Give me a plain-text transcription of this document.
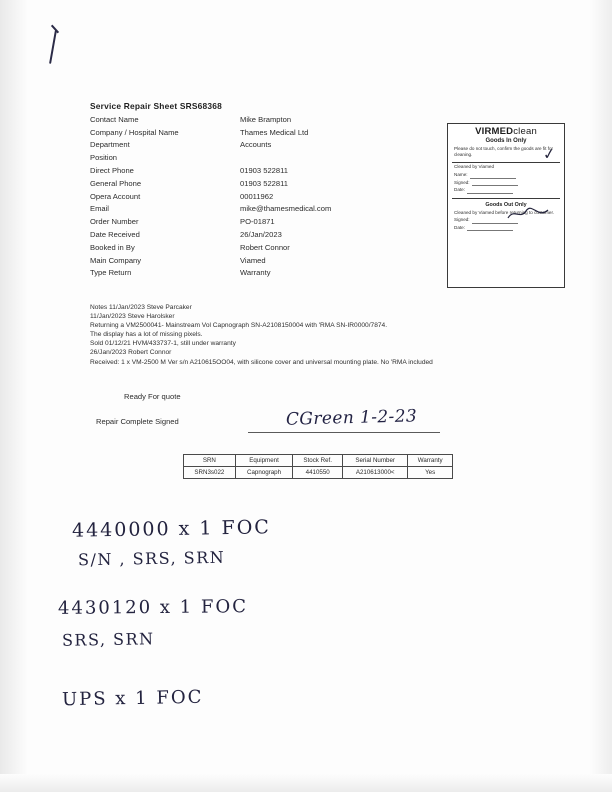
Service Repair Sheet SRS68368
Contact Name	Mike Brampton
Company / Hospital Name	Thames Medical Ltd
Department	Accounts
Position
Direct Phone	01903 522811
General Phone	01903 522811
Opera Account	00011962
Email	mike@thamesmedical.com
Order Number	PO-01871
Date Received	26/Jan/2023
Booked in By	Robert Connor
Main Company	Viamed
Type Return	Warranty
VIRMEDclean
Goods In Only
Please do not touch, confirm the goods are fit for cleaning.
Cleaned by Viamed
Name:
Signed:
Date:
Goods Out Only
Cleaned by Viamed before returning to customer.
Signed:
Date:
✓
Notes 11/Jan/2023 Steve Parcaker
11/Jan/2023 Steve Harolsker
Returning a VM2500041- Mainstream Vol Capnograph SN-A2108150004 with 'RMA SN-IR0000/7874.
The display has a lot of missing pixels.
Sold 01/12/21 HVM/433737-1, still under warranty
26/Jan/2023 Robert Connor
Received: 1 x VM-2500 M Ver s/n A210615OO04, with silicone cover and universal mounting plate. No 'RMA included
Ready For quote
Repair Complete Signed	CGreen 1-2-23
SRN	Equipment	Stock Ref.	Serial Number	Warranty
SRN3s022	Capnograph	4410550	A210613000<	Yes
4440000 x 1 FOC
S/N , SRS, SRN
4430120 x 1 FOC
SRS, SRN
UPS x 1 FOC
